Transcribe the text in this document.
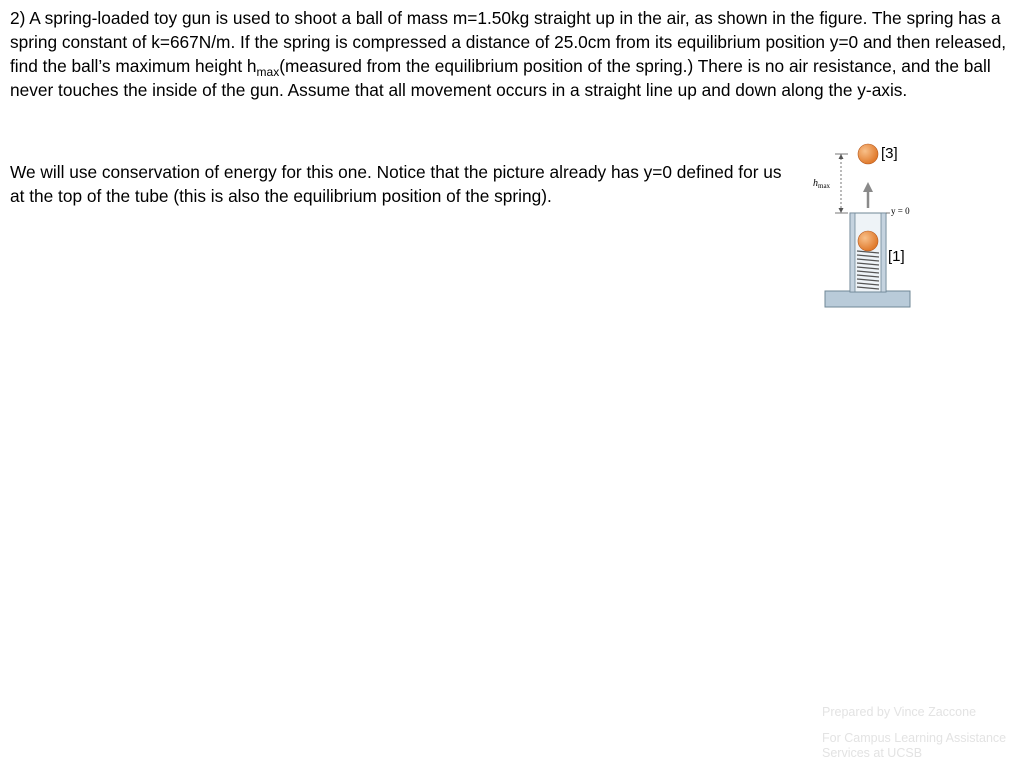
2) A spring-loaded toy gun is used to shoot a ball of mass m=1.50kg straight up in the air, as shown in the figure. The spring has a spring constant of k=667N/m. If the spring is compressed a distance of 25.0cm from its equilibrium position y=0 and then released, find the ball’s maximum height $h_{max}(measured$ from the equilibrium position of the spring.) There is no air resistance, and the ball never touches the inside of the gun. Assume that all movement occurs in a straight line up and down along the y-axis.

We will use conservation of energy for this one. Notice that the picture already has y=0 defined for us at the top of the tube (this is also the equilibrium position of the spring).

$h_{max}$
y = 0
[3]
[1]

Prepared by Vince Zaccone

For Campus Learning Assistance Services at UCSB
